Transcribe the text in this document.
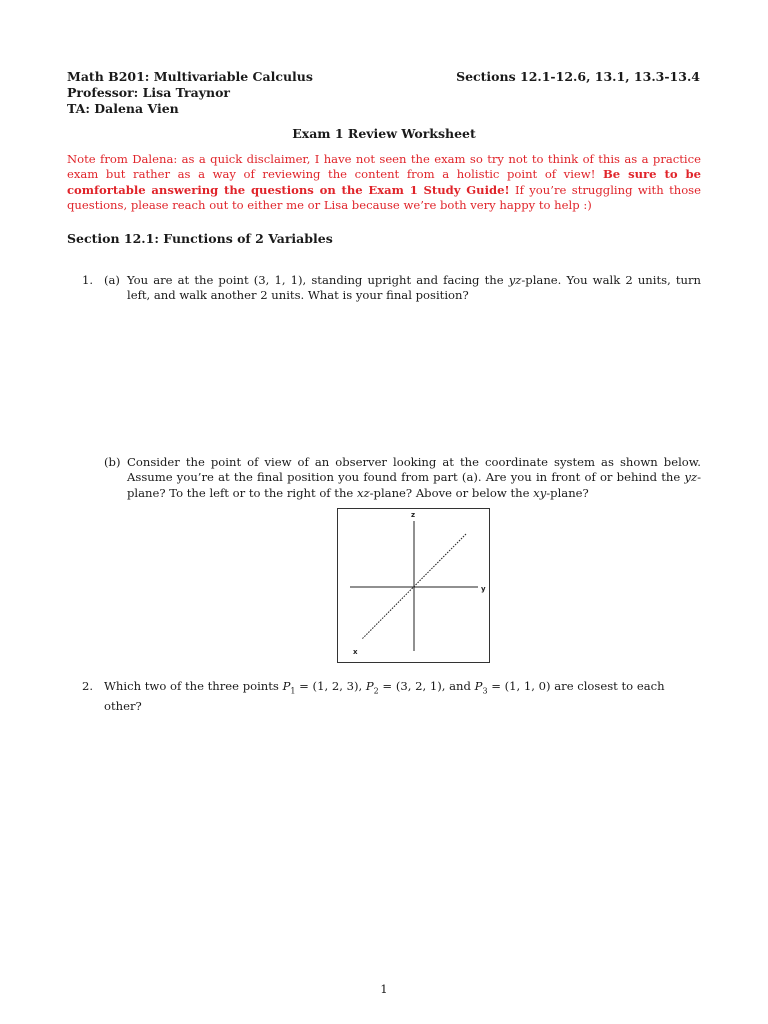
Math B201: Multivariable Calculus
Professor: Lisa Traynor
TA: Dalena Vien
Sections 12.1-12.6, 13.1, 13.3-13.4
Exam 1 Review Worksheet
Note from Dalena: as a quick disclaimer, I have not seen the exam so try not to think of this as a practice exam but rather as a way of reviewing the content from a holistic point of view! Be sure to be comfortable answering the questions on the Exam 1 Study Guide! If you’re struggling with those questions, please reach out to either me or Lisa because we’re both very happy to help :)
Section 12.1: Functions of 2 Variables
1. (a) You are at the point (3, 1, 1), standing upright and facing the yz-plane. You walk 2 units, turn left, and walk another 2 units. What is your final position?
(b) Consider the point of view of an observer looking at the coordinate system as shown below. Assume you’re at the final position you found from part (a). Are you in front of or behind the yz-plane? To the left or to the right of the xz-plane? Above or below the xy-plane?
z
y
x
2. Which two of the three points $P_1 = (1$, 2, 3), $P_2 = (3$, 2, 1), and $P_3 = (1$, 1, 0) are closest to each other?
1
